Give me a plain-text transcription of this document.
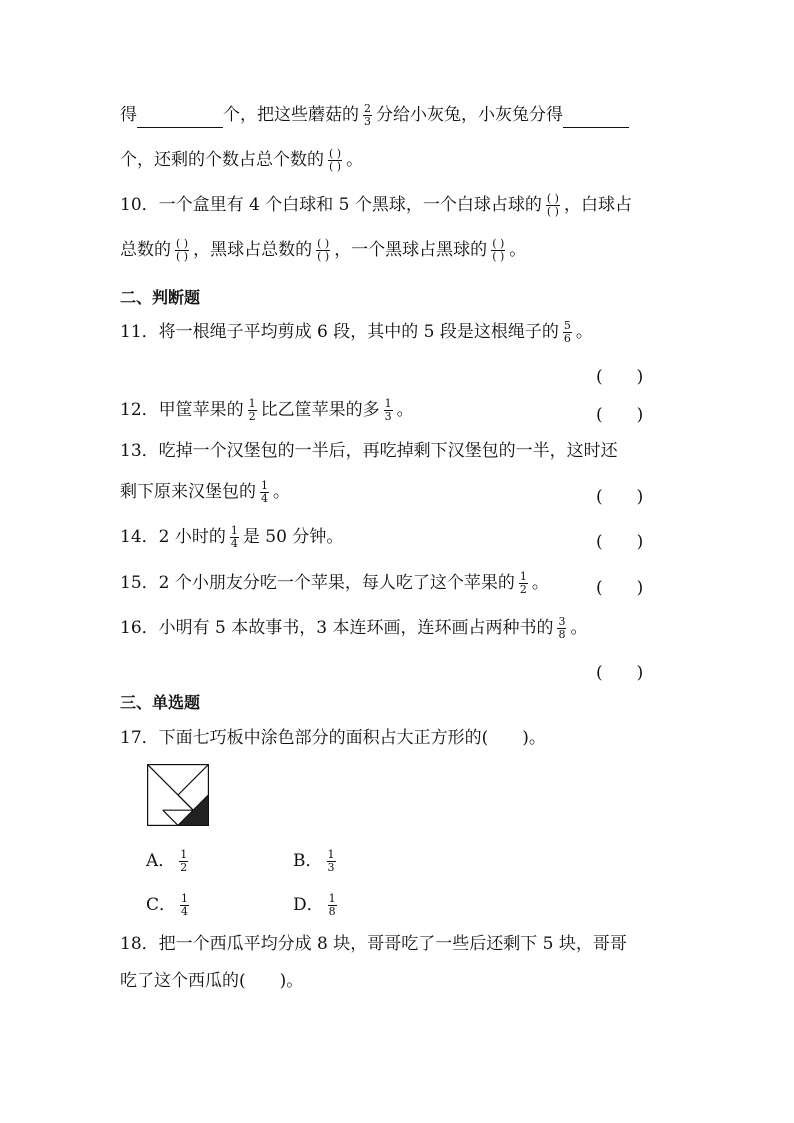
得	个，把这些蘑菇的 $\frac{2}{3}$ 分给小灰兔，小灰兔分得
个，还剩的个数占总个数的 $\frac{( )}{( )}$ 。
10．一个盒里有 4 个白球和 5 个黑球，一个白球占球的 $\frac{( )}{( )}$ ，白球占
总数的 $\frac{( )}{( )}$ ，黑球占总数的 $\frac{( )}{( )}$ ，一个黑球占黑球的 $\frac{( )}{( )}$ 。
二、判断题
11．将一根绳子平均剪成 6 段，其中的 5 段是这根绳子的 $\frac{5}{6}$ 。
(　　)
12．甲筐苹果的 $\frac{1}{2}$ 比乙筐苹果的多 $\frac{1}{3}$ 。	(　　)
13．吃掉一个汉堡包的一半后，再吃掉剩下汉堡包的一半，这时还
剩下原来汉堡包的 $\frac{1}{4}$ 。	(　　)
14．2 小时的 $\frac{1}{4}$ 是 50 分钟。	(　　)
15．2 个小朋友分吃一个苹果，每人吃了这个苹果的 $\frac{1}{2}$ 。	(　　)
16．小明有 5 本故事书，3 本连环画，连环画占两种书的 $\frac{3}{8}$ 。
(　　)
三、单选题
17．下面七巧板中涂色部分的面积占大正方形的(　　)。
A． $\frac{1}{2}$	B． $\frac{1}{3}$
C． $\frac{1}{4}$	D． $\frac{1}{8}$
18．把一个西瓜平均分成 8 块，哥哥吃了一些后还剩下 5 块，哥哥
吃了这个西瓜的(　　)。
